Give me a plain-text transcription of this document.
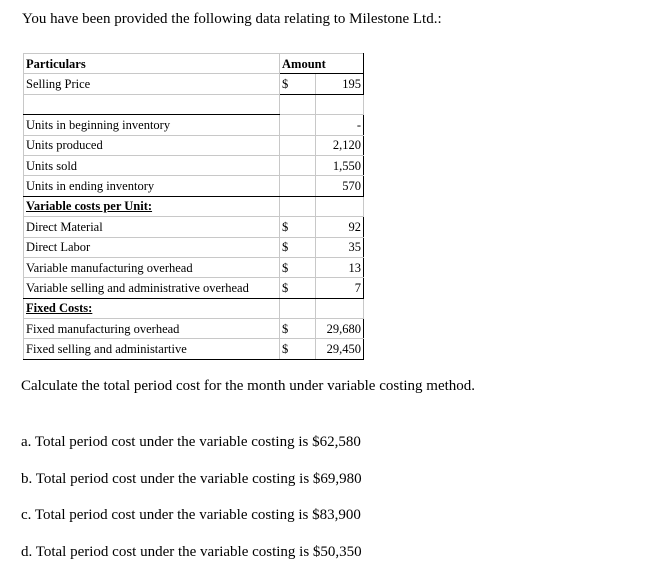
You have been provided the following data relating to Milestone Ltd.:
Particulars	Amount	
Selling Price	$	195

Units in beginning inventory		-
Units produced		2,120
Units sold		1,550
Units in ending inventory		570
Variable costs per Unit:		
Direct Material	$	92
Direct Labor	$	35
Variable manufacturing overhead	$	13
Variable selling and administrative overhead	$	7
Fixed Costs:		
Fixed manufacturing overhead	$	29,680
Fixed selling and administartive	$	29,450
Calculate the total period cost for the month under variable costing method.
a. Total period cost under the variable costing is $62,580
b. Total period cost under the variable costing is $69,980
c. Total period cost under the variable costing is $83,900
d. Total period cost under the variable costing is $50,350
